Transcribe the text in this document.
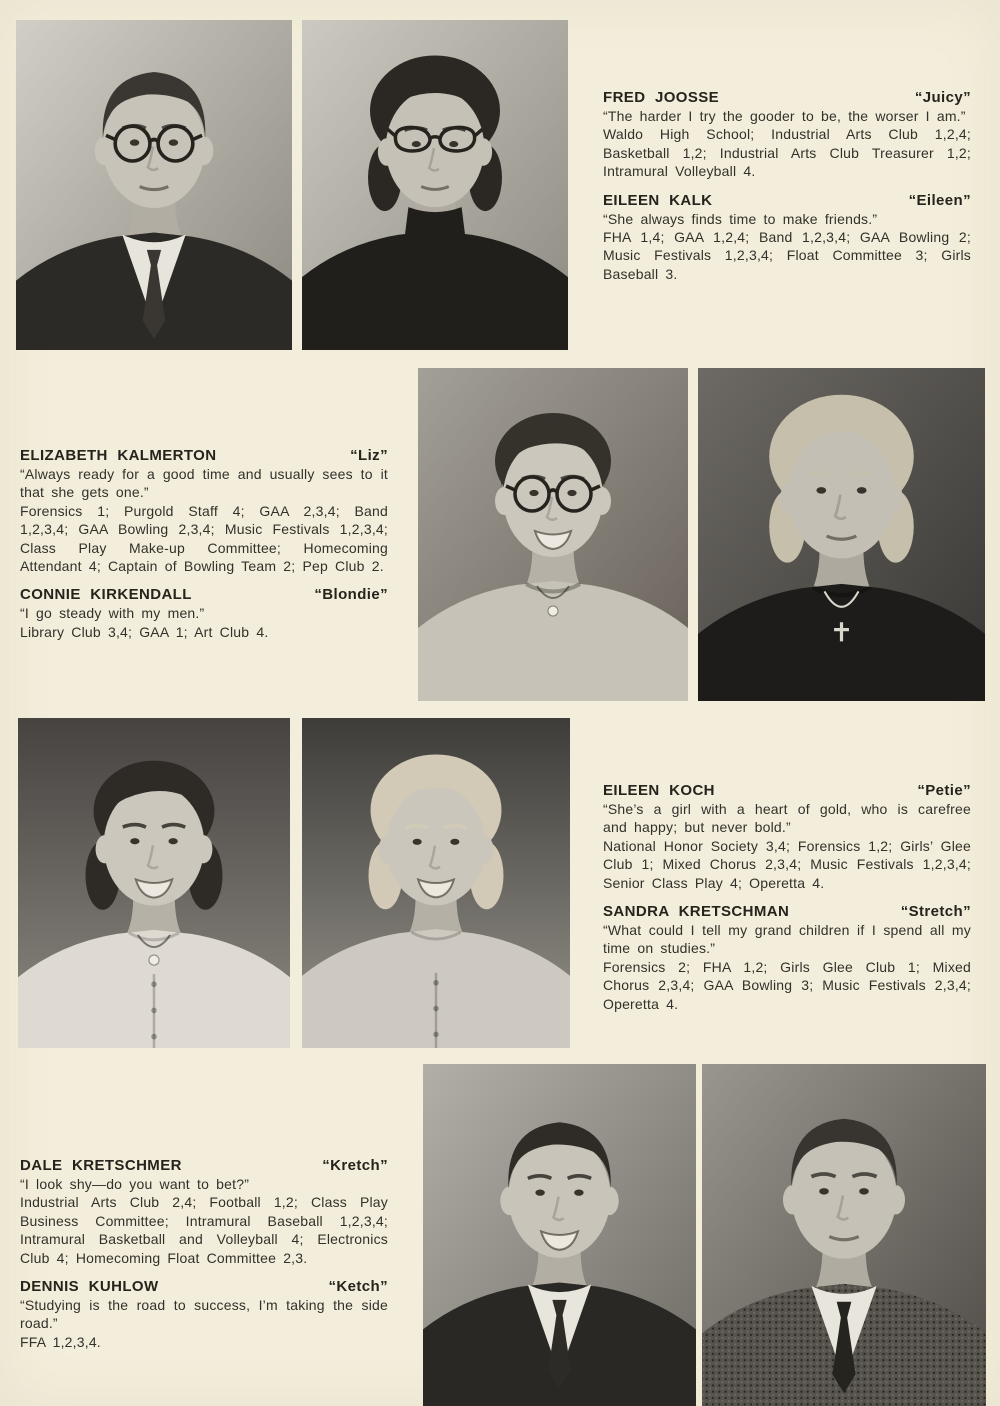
FRED JOOSSE	“Juicy”

“The harder I try the gooder to be, the worser I am.”

Waldo High School; Industrial Arts Club 1,2,4; Basketball 1,2; Industrial Arts Club Treasurer 1,2; Intramural Volleyball 4.

EILEEN KALK	“Eileen”

“She always finds time to make friends.”

FHA 1,4; GAA 1,2,4; Band 1,2,3,4; GAA Bowling 2; Music Festivals 1,2,3,4; Float Committee 3; Girls Baseball 3.

ELIZABETH KALMERTON	“Liz”

“Always ready for a good time and usually sees to it that she gets one.”

Forensics 1; Purgold Staff 4; GAA 2,3,4; Band 1,2,3,4; GAA Bowling 2,3,4; Music Festivals 1,2,3,4; Class Play Make-up Committee; Homecoming Attendant 4; Captain of Bowling Team 2; Pep Club 2.

CONNIE KIRKENDALL	“Blondie”

“I go steady with my men.”

Library Club 3,4; GAA 1; Art Club 4.

EILEEN KOCH	“Petie”

“She’s a girl with a heart of gold, who is carefree and happy; but never bold.”

National Honor Society 3,4; Forensics 1,2; Girls’ Glee Club 1; Mixed Chorus 2,3,4; Music Festivals 1,2,3,4; Senior Class Play 4; Operetta 4.

SANDRA KRETSCHMAN	“Stretch”

“What could I tell my grand children if I spend all my time on studies.”

Forensics 2; FHA 1,2; Girls Glee Club 1; Mixed Chorus 2,3,4; GAA Bowling 3; Music Festivals 2,3,4; Operetta 4.

DALE KRETSCHMER	“Kretch”

“I look shy—do you want to bet?”

Industrial Arts Club 2,4; Football 1,2; Class Play Business Committee; Intramural Baseball 1,2,3,4; Intramural Basketball and Volleyball 4; Electronics Club 4; Homecoming Float Committee 2,3.

DENNIS KUHLOW	“Ketch”

“Studying is the road to success, I’m taking the side road.”

FFA 1,2,3,4.
